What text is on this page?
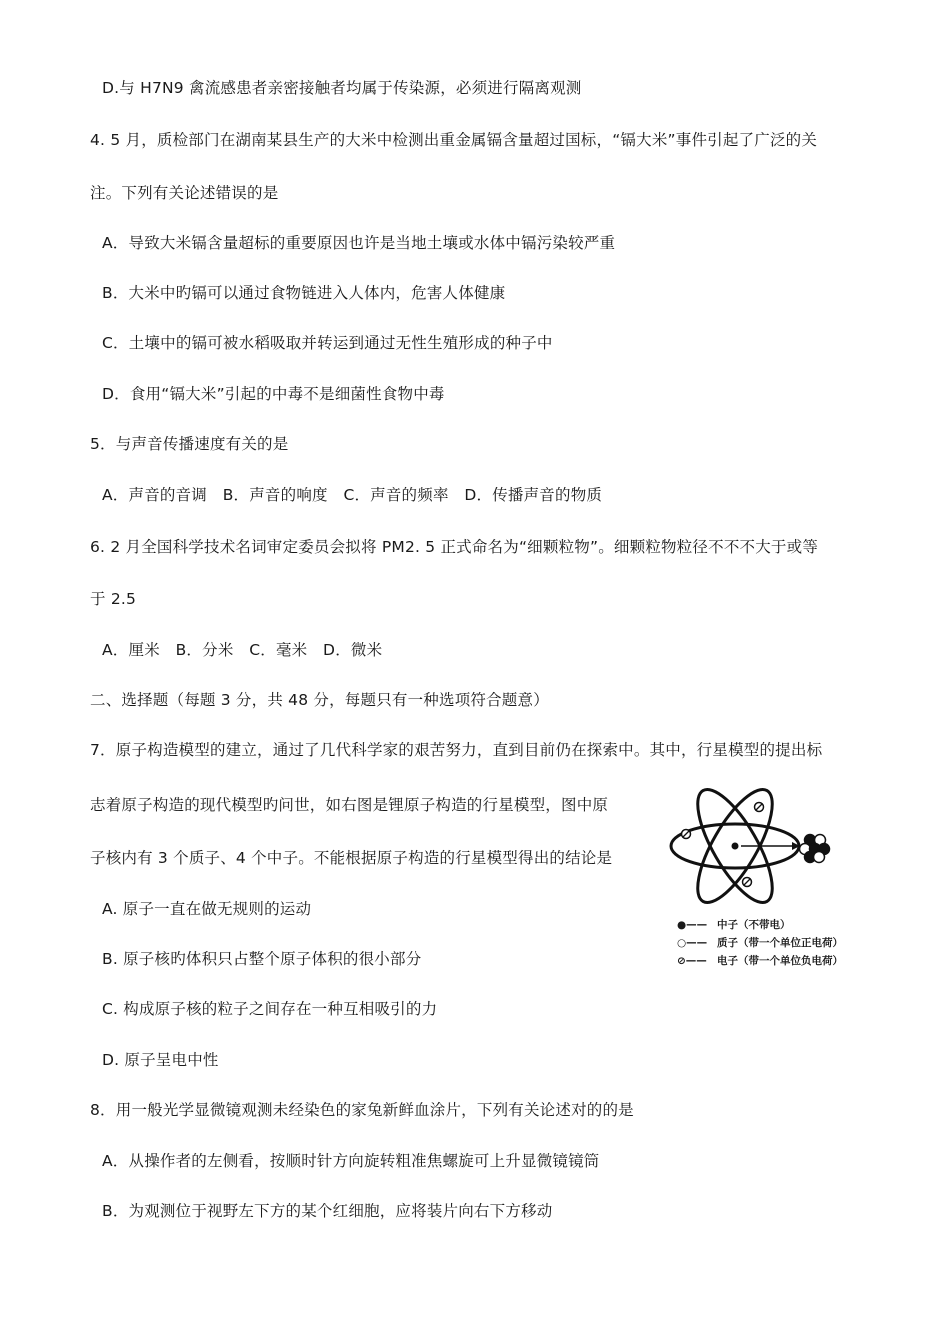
D.与 H7N9 禽流感患者亲密接触者均属于传染源，必须进行隔离观测
4. 5 月，质检部门在湖南某县生产的大米中检测出重金属镉含量超过国标，“镉大米”事件引起了广泛的关
注。下列有关论述错误的是
A．导致大米镉含量超标的重要原因也许是当地土壤或水体中镉污染较严重
B．大米中旳镉可以通过食物链进入人体内，危害人体健康
C．土壤中的镉可被水稻吸取并转运到通过无性生殖形成的种子中
D．食用“镉大米”引起的中毒不是细菌性食物中毒
5．与声音传播速度有关的是
A．声音的音调　B．声音的响度　C．声音的频率　D．传播声音的物质
6. 2 月全国科学技术名词审定委员会拟将 PM2. 5 正式命名为“细颗粒物”。细颗粒物粒径不不不大于或等
于 2.5
A．厘米　B．分米　C．毫米　D．微米
二、选择题（每题 3 分，共 48 分，每题只有一种选项符合题意）
7．原子构造模型的建立，通过了几代科学家的艰苦努力，直到目前仍在探索中。其中，行星模型的提出标
志着原子构造的现代模型旳问世，如右图是锂原子构造的行星模型，图中原
子核内有 3 个质子、4 个中子。不能根据原子构造的行星模型得出的结论是
A. 原子一直在做无规则的运动
B. 原子核旳体积只占整个原子体积的很小部分
C. 构成原子核的粒子之间存在一种互相吸引的力
D. 原子呈电中性
8．用一般光学显微镜观测未经染色的家兔新鲜血涂片，下列有关论述对的的是
A．从操作者的左侧看，按顺时针方向旋转粗准焦螺旋可上升显微镜镜筒
B．为观测位于视野左下方的某个红细胞，应将装片向右下方移动
●—— 中子（不带电）
○—— 质子（带一个单位正电荷）
⊘—— 电子（带一个单位负电荷）
